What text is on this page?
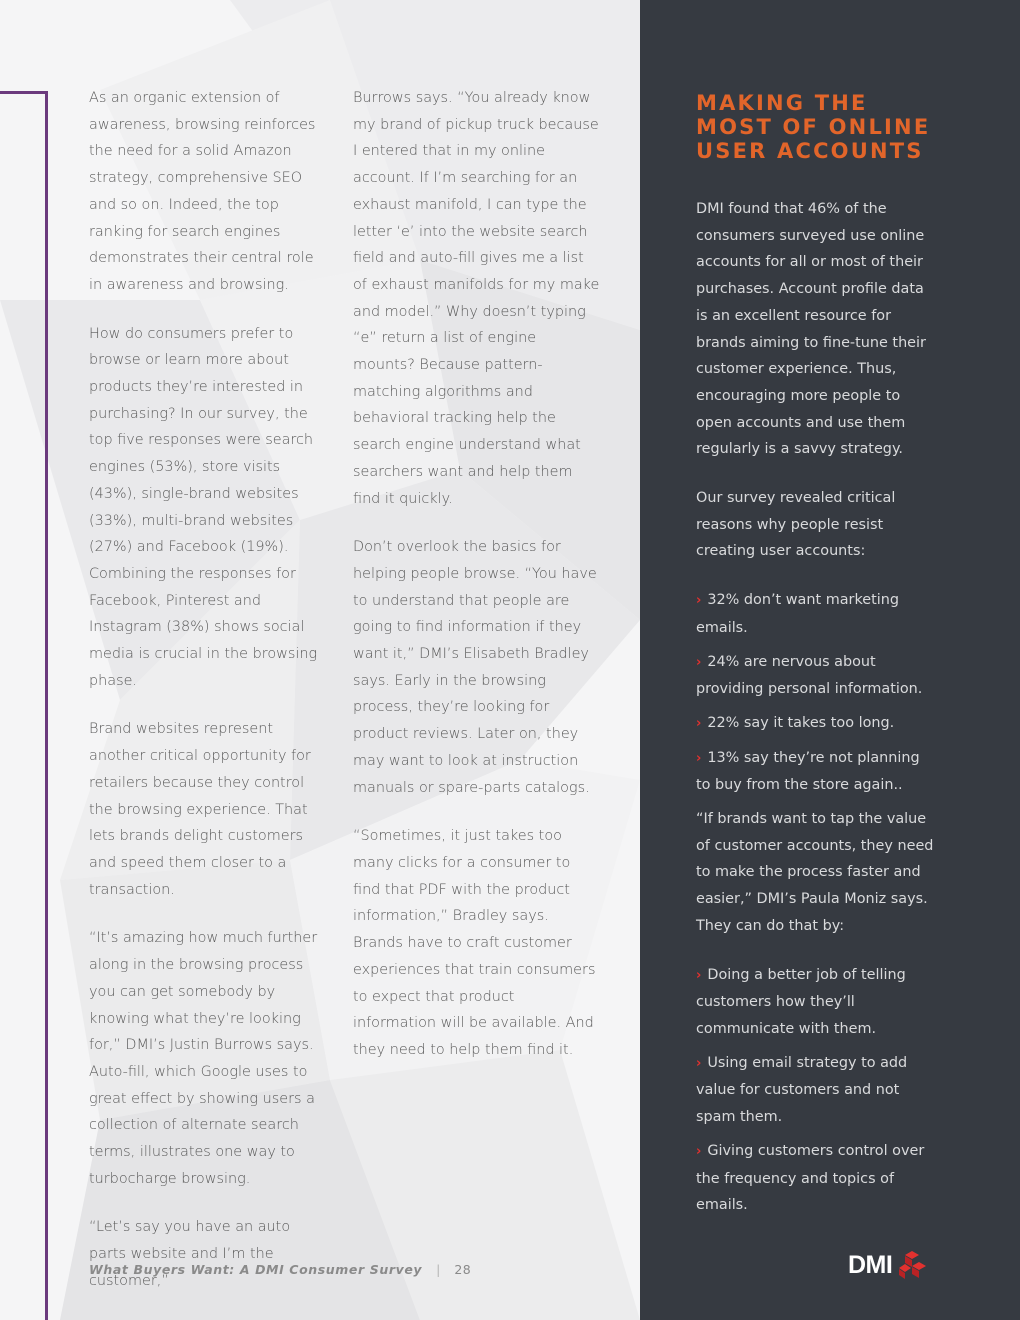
As an organic extension of awareness, browsing reinforces the need for a solid Amazon strategy, comprehensive SEO and so on. Indeed, the top ranking for search engines demonstrates their central role in awareness and browsing.

How do consumers prefer to browse or learn more about products they’re interested in purchasing? In our survey, the top five responses were search engines (53%), store visits (43%), single-brand websites (33%), multi-brand websites (27%) and Facebook (19%). Combining the responses for Facebook, Pinterest and Instagram (38%) shows social media is crucial in the browsing phase.

Brand websites represent another critical opportunity for retailers because they control the browsing experience. That lets brands delight customers and speed them closer to a transaction.

“It’s amazing how much further along in the browsing process you can get somebody by knowing what they’re looking for,” DMI’s Justin Burrows says. Auto-fill, which Google uses to great effect by showing users a collection of alternate search terms, illustrates one way to turbocharge browsing.

“Let’s say you have an auto parts website and I’m the customer,”

Burrows says. “You already know my brand of pickup truck because I entered that in my online account. If I’m searching for an exhaust manifold, I can type the letter ‘e’ into the website search field and auto-fill gives me a list of exhaust manifolds for my make and model.” Why doesn’t typing “e” return a list of engine mounts? Because pattern-matching algorithms and behavioral tracking help the search engine understand what searchers want and help them find it quickly.

Don’t overlook the basics for helping people browse. “You have to understand that people are going to find information if they want it,” DMI’s Elisabeth Bradley says. Early in the browsing process, they’re looking for product reviews. Later on, they may want to look at instruction manuals or spare-parts catalogs.

“Sometimes, it just takes too many clicks for a consumer to find that PDF with the product information,” Bradley says. Brands have to craft customer experiences that train consumers to expect that product information will be available. And they need to help them find it.

MAKING THE
MOST OF ONLINE
USER ACCOUNTS

DMI found that 46% of the consumers surveyed use online accounts for all or most of their purchases. Account profile data is an excellent resource for brands aiming to fine-tune their customer experience. Thus, encouraging more people to open accounts and use them regularly is a savvy strategy.

Our survey revealed critical reasons why people resist creating user accounts:

› 32% don’t want marketing emails.
› 24% are nervous about providing personal information.
› 22% say it takes too long.
› 13% say they’re not planning to buy from the store again..

“If brands want to tap the value of customer accounts, they need to make the process faster and easier,” DMI’s Paula Moniz says. They can do that by:

› Doing a better job of telling customers how they’ll communicate with them.
› Using email strategy to add value for customers and not spam them.
› Giving customers control over the frequency and topics of emails.
What Buyers Want: A DMI Consumer Survey | 28	DMI
